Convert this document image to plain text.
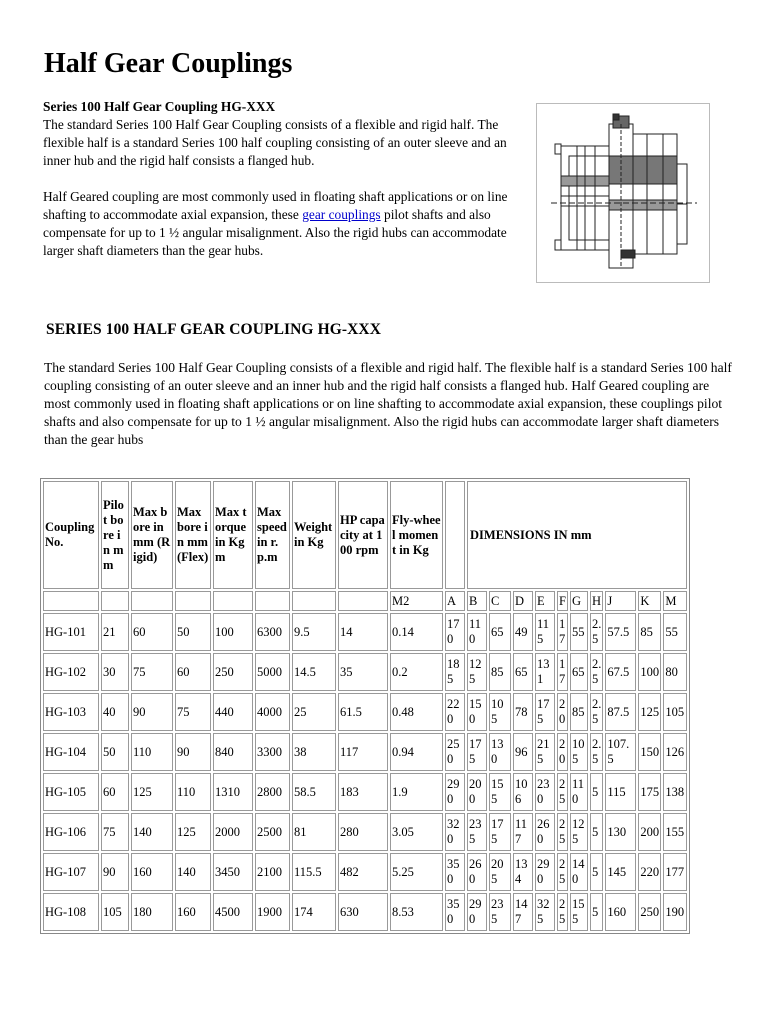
Half Gear Couplings
Series 100 Half Gear Coupling HG-XXX

The standard Series 100 Half Gear Coupling consists of a flexible and rigid half. The flexible half is a standard Series 100 half coupling consisting of an outer sleeve and an inner hub and the rigid half consists a flanged hub.

Half Geared coupling are most commonly used in floating shaft applications or on line shafting to accommodate axial expansion, these gear couplings pilot shafts and also compensate for up to 1 ½ angular misalignment. Also the rigid hubs can accommodate larger shaft diameters than the gear hubs.

SERIES 100 HALF GEAR COUPLING HG-XXX

The standard Series 100 Half Gear Coupling consists of a flexible and rigid half. The flexible half is a standard Series 100 half coupling consisting of an outer sleeve and an inner hub and the rigid half consists a flanged hub. Half Geared coupling are most commonly used in floating shaft applications or on line shafting to accommodate axial expansion, these couplings pilot shafts and also compensate for up to 1 ½ angular misalignment. Also the rigid hubs can accommodate larger shaft diameters than the gear hubs

Coupling No.	Pilot bore in mm	Max bore in mm (Rigid)	Max bore in mm (Flex)	Max torque in Kg m	Max speed in r.p.m	Weight in Kg	HP capacity at 100 rpm	Fly-wheel moment in Kg		DIMENSIONS IN mm									
								M2	A	B	C	D	E	F	G	H	J	K	M
HG-101	21	60	50	100	6300	9.5	14	0.14	170	110	65	49	115	17	55	2.5	57.5	85	55
HG-102	30	75	60	250	5000	14.5	35	0.2	185	125	85	65	131	17	65	2.5	67.5	100	80
HG-103	40	90	75	440	4000	25	61.5	0.48	220	150	105	78	175	20	85	2.5	87.5	125	105
HG-104	50	110	90	840	3300	38	117	0.94	250	175	130	96	215	20	105	2.5	107.5	150	126
HG-105	60	125	110	1310	2800	58.5	183	1.9	290	200	155	106	230	25	110	5	115	175	138
HG-106	75	140	125	2000	2500	81	280	3.05	320	235	175	117	260	25	125	5	130	200	155
HG-107	90	160	140	3450	2100	115.5	482	5.25	350	260	205	134	290	25	140	5	145	220	177
HG-108	105	180	160	4500	1900	174	630	8.53	350	290	235	147	325	25	155	5	160	250	190
